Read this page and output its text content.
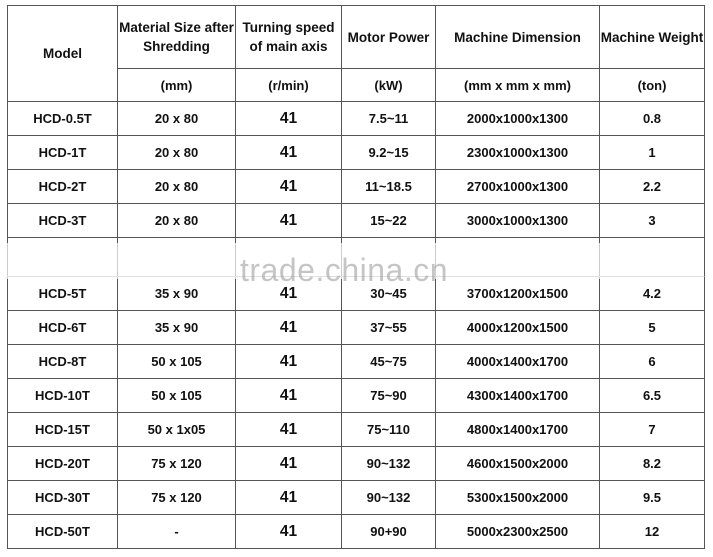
Model	Material Size after Shredding	Turning speed of main axis	Motor Power	Machine Dimension	Machine Weight
	(mm)	(r/min)	(kW)	(mm x mm x mm)	(ton)
HCD-0.5T	20 x 80	41	7.5~11	2000x1000x1300	0.8
HCD-1T	20 x 80	41	9.2~15	2300x1000x1300	1
HCD-2T	20 x 80	41	11~18.5	2700x1000x1300	2.2
HCD-3T	20 x 80	41	15~22	3000x1000x1300	3

HCD-5T	35 x 90	41	30~45	3700x1200x1500	4.2
HCD-6T	35 x 90	41	37~55	4000x1200x1500	5
HCD-8T	50 x 105	41	45~75	4000x1400x1700	6
HCD-10T	50 x 105	41	75~90	4300x1400x1700	6.5
HCD-15T	50 x 1x05	41	75~110	4800x1400x1700	7
HCD-20T	75 x 120	41	90~132	4600x1500x2000	8.2
HCD-30T	75 x 120	41	90~132	5300x1500x2000	9.5
HCD-50T	-	41	90+90	5000x2300x2500	12
trade.china.cn
